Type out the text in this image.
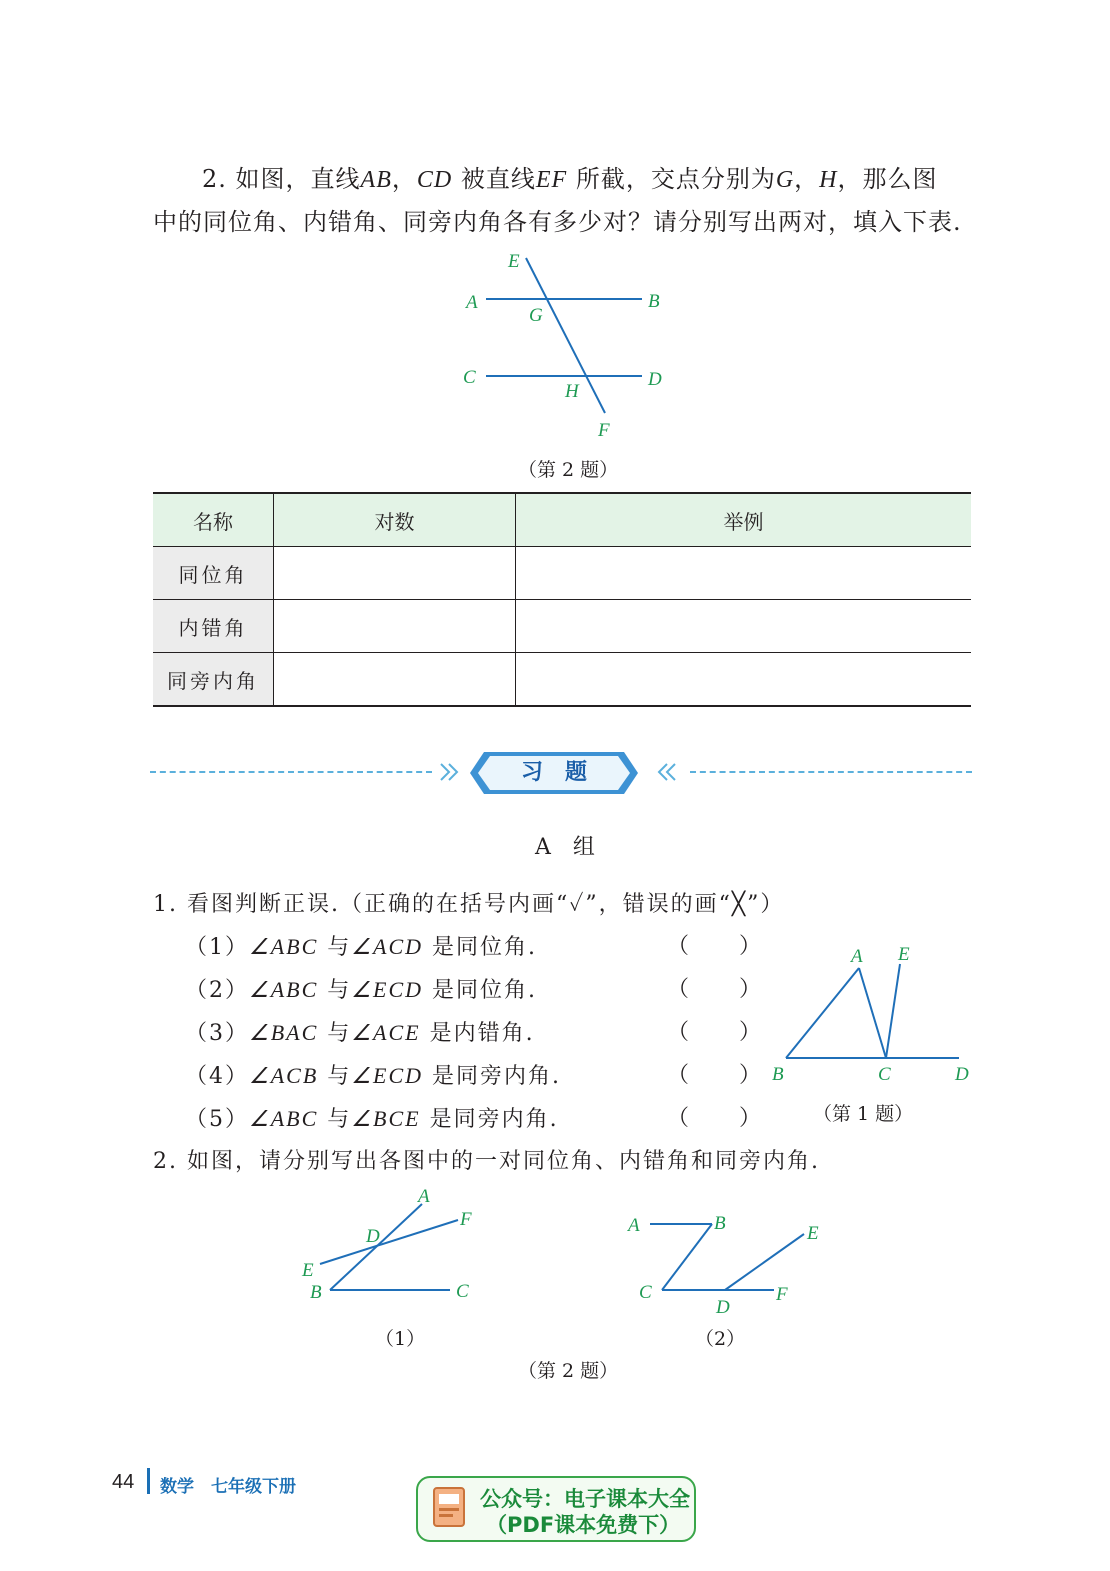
2. 如图，直线AB，CD 被直线EF 所截，交点分别为G，H，那么图
中的同位角、内错角、同旁内角各有多少对？请分别写出两对，填入下表.
E
A
G
B
C
H
D
F
（第 2 题）
名称	对数	举例
同位角		
内错角		
同旁内角		
习　题
A　组
1. 看图判断正误.（正确的在括号内画“✓”，错误的画“╳”）
（1）∠ABC 与∠ACD 是同位角.	（　　）
（2）∠ABC 与∠ECD 是同位角.	（　　）
（3）∠BAC 与∠ACE 是内错角.	（　　）
（4）∠ACB 与∠ECD 是同旁内角.	（　　）
（5）∠ABC 与∠BCE 是同旁内角.	（　　）
A E
B	C	D
（第 1 题）
2. 如图，请分别写出各图中的一对同位角、内错角和同旁内角.
A
D
F
E
B	C
（1）
A	B	E
C	F
D
（2）
（第 2 题）
44 数学　七年级下册	公众号：电子课本大全
（PDF课本免费下）
